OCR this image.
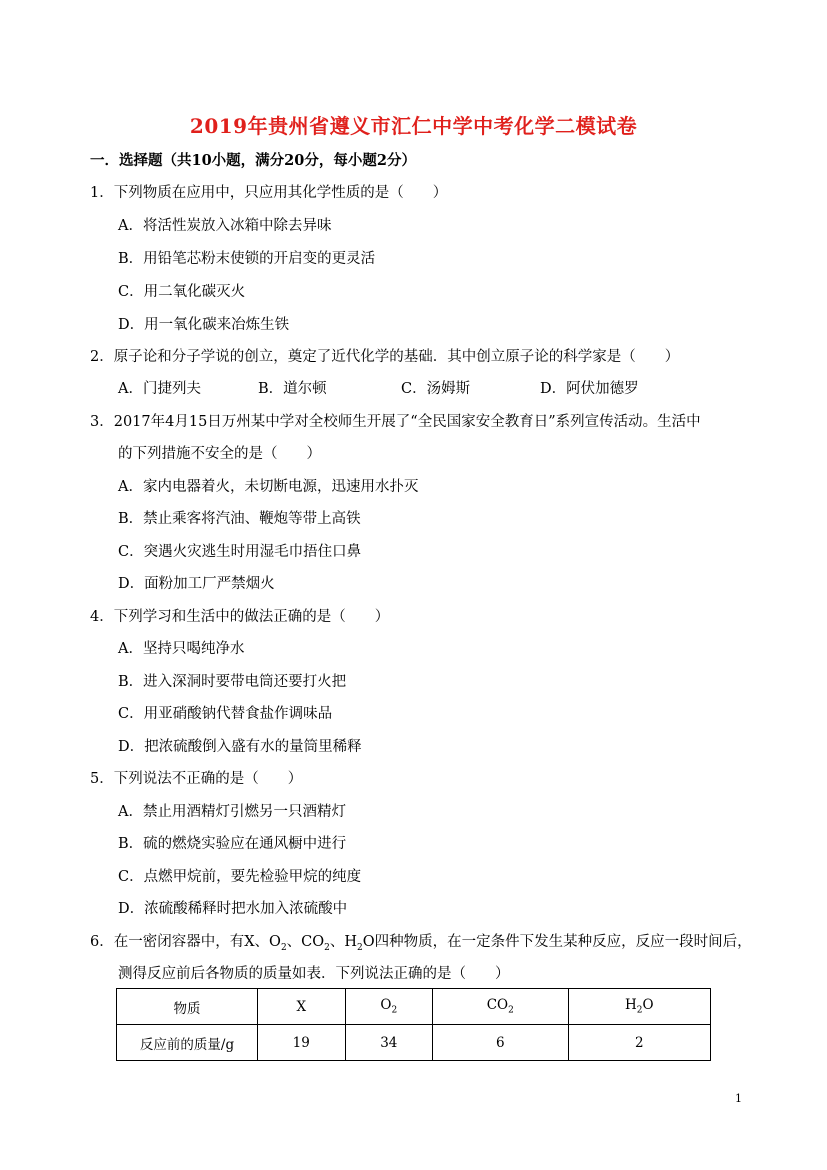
2019年贵州省遵义市汇仁中学中考化学二模试卷
一．选择题（共10小题，满分20分，每小题2分）
1．下列物质在应用中，只应用其化学性质的是（　　）
A．将活性炭放入冰箱中除去异味
B．用铅笔芯粉末使锁的开启变的更灵活
C．用二氧化碳灭火
D．用一氧化碳来冶炼生铁
2．原子论和分子学说的创立，奠定了近代化学的基础．其中创立原子论的科学家是（　　）
A．门捷列夫	B．道尔顿	C．汤姆斯	D．阿伏加德罗
3．2017年4月15日万州某中学对全校师生开展了“全民国家安全教育日”系列宣传活动。生活中
的下列措施不安全的是（　　）
A．家内电器着火，未切断电源，迅速用水扑灭
B．禁止乘客将汽油、鞭炮等带上高铁
C．突遇火灾逃生时用湿毛巾捂住口鼻
D．面粉加工厂严禁烟火
4．下列学习和生活中的做法正确的是（　　）
A．坚持只喝纯净水
B．进入深洞时要带电筒还要打火把
C．用亚硝酸钠代替食盐作调味品
D．把浓硫酸倒入盛有水的量筒里稀释
5．下列说法不正确的是（　　）
A．禁止用酒精灯引燃另一只酒精灯
B．硫的燃烧实验应在通风橱中进行
C．点燃甲烷前，要先检验甲烷的纯度
D．浓硫酸稀释时把水加入浓硫酸中
6．在一密闭容器中，有X、$O_2$、$CO_2$、$H_2O$四种物质，在一定条件下发生某种反应，反应一段时间后，
测得反应前后各物质的质量如表．下列说法正确的是（　　）
物质	X	$O_2$	$CO_2$	$H_2O$
反应前的质量/g	19	34	6	2
1
